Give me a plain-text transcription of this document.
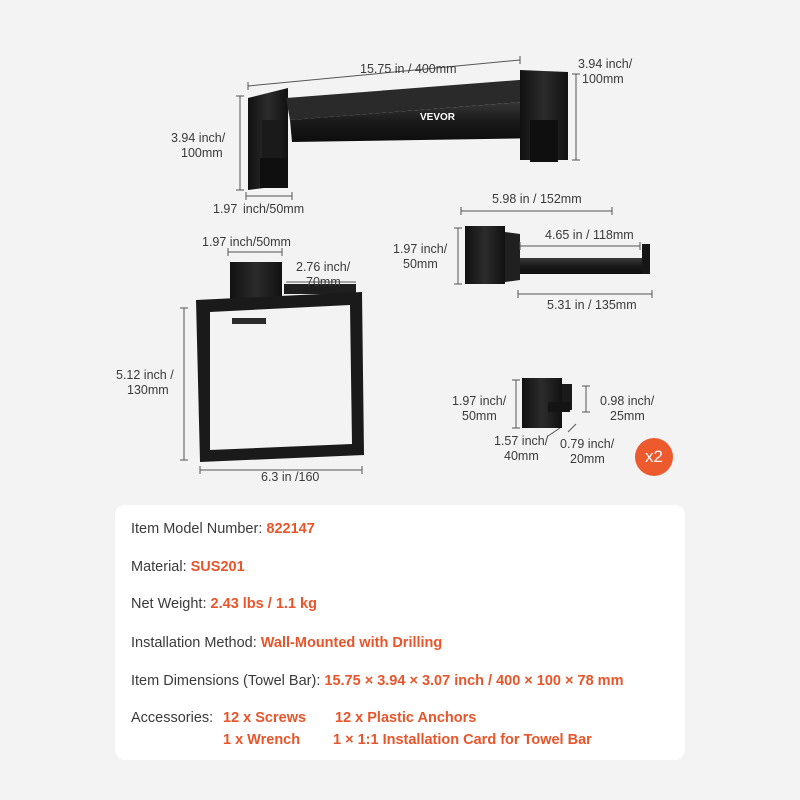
VEVOR
15.75 in / 400mm	3.94 inch/
100mm
3.94 inch/
100mm
1.97 inch/50mm
1.97 inch/50mm
2.76 inch/
70mm
5.12 inch /
130mm
6.3 in /160
5.98 in / 152mm
1.97 inch/
50mm
4.65 in / 118mm
5.31 in / 135mm
1.97 inch/
50mm
0.98 inch/
25mm
1.57 inch/
40mm
0.79 inch/
20mm	x2
Item Model Number: 822147
Material: SUS201
Net Weight: 2.43 lbs / 1.1 kg
Installation Method: Wall-Mounted with Drilling
Item Dimensions (Towel Bar): 15.75 × 3.94 × 3.07 inch / 400 × 100 × 78 mm
Accessories: 12 x Screws 12 x Plastic Anchors
1 x Wrench 1 × 1:1 Installation Card for Towel Bar
